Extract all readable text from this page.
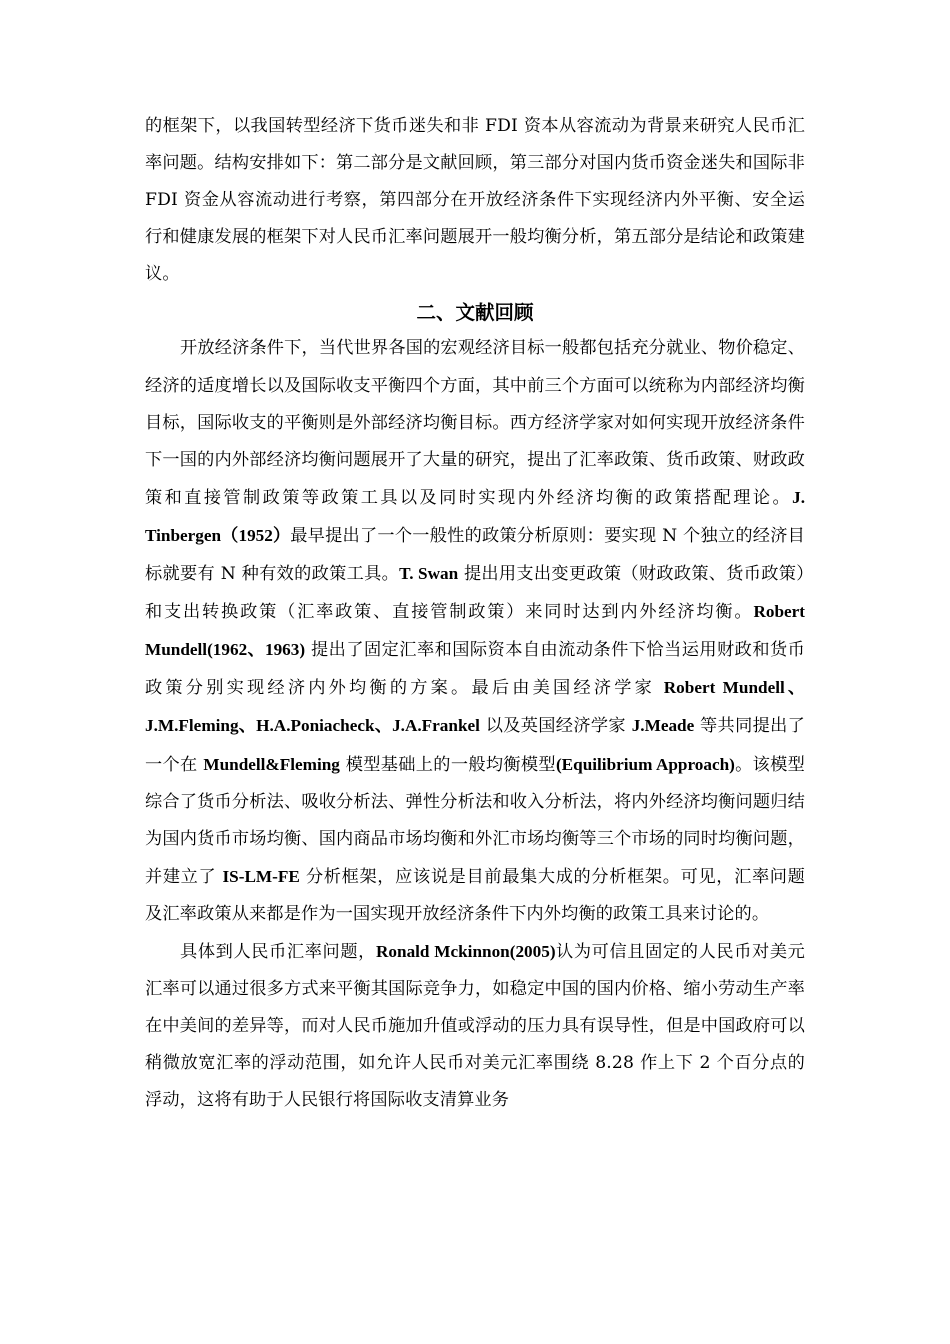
的框架下，以我国转型经济下货币迷失和非 FDI 资本从容流动为背景来研究人民币汇率问题。结构安排如下：第二部分是文献回顾，第三部分对国内货币资金迷失和国际非 FDI 资金从容流动进行考察，第四部分在开放经济条件下实现经济内外平衡、安全运行和健康发展的框架下对人民币汇率问题展开一般均衡分析，第五部分是结论和政策建议。

二、文献回顾

开放经济条件下，当代世界各国的宏观经济目标一般都包括充分就业、物价稳定、经济的适度增长以及国际收支平衡四个方面，其中前三个方面可以统称为内部经济均衡目标，国际收支的平衡则是外部经济均衡目标。西方经济学家对如何实现开放经济条件下一国的内外部经济均衡问题展开了大量的研究，提出了汇率政策、货币政策、财政政策和直接管制政策等政策工具以及同时实现内外经济均衡的政策搭配理论。J. Tinbergen（1952）最早提出了一个一般性的政策分析原则：要实现 N 个独立的经济目标就要有 N 种有效的政策工具。T. Swan 提出用支出变更政策（财政政策、货币政策）和支出转换政策（汇率政策、直接管制政策）来同时达到内外经济均衡。Robert Mundell(1962、1963) 提出了固定汇率和国际资本自由流动条件下恰当运用财政和货币政策分别实现经济内外均衡的方案。最后由美国经济学家 Robert Mundell、J.M.Fleming、H.A.Poniacheck、J.A.Frankel 以及英国经济学家 J.Meade 等共同提出了一个在 Mundell&Fleming 模型基础上的一般均衡模型(Equilibrium Approach)。该模型综合了货币分析法、吸收分析法、弹性分析法和收入分析法，将内外经济均衡问题归结为国内货币市场均衡、国内商品市场均衡和外汇市场均衡等三个市场的同时均衡问题，并建立了 IS-LM-FE 分析框架，应该说是目前最集大成的分析框架。可见，汇率问题及汇率政策从来都是作为一国实现开放经济条件下内外均衡的政策工具来讨论的。

具体到人民币汇率问题，Ronald Mckinnon(2005)认为可信且固定的人民币对美元汇率可以通过很多方式来平衡其国际竞争力，如稳定中国的国内价格、缩小劳动生产率在中美间的差异等，而对人民币施加升值或浮动的压力具有误导性，但是中国政府可以稍微放宽汇率的浮动范围，如允许人民币对美元汇率围绕 8.28 作上下 2 个百分点的浮动，这将有助于人民银行将国际收支清算业务
